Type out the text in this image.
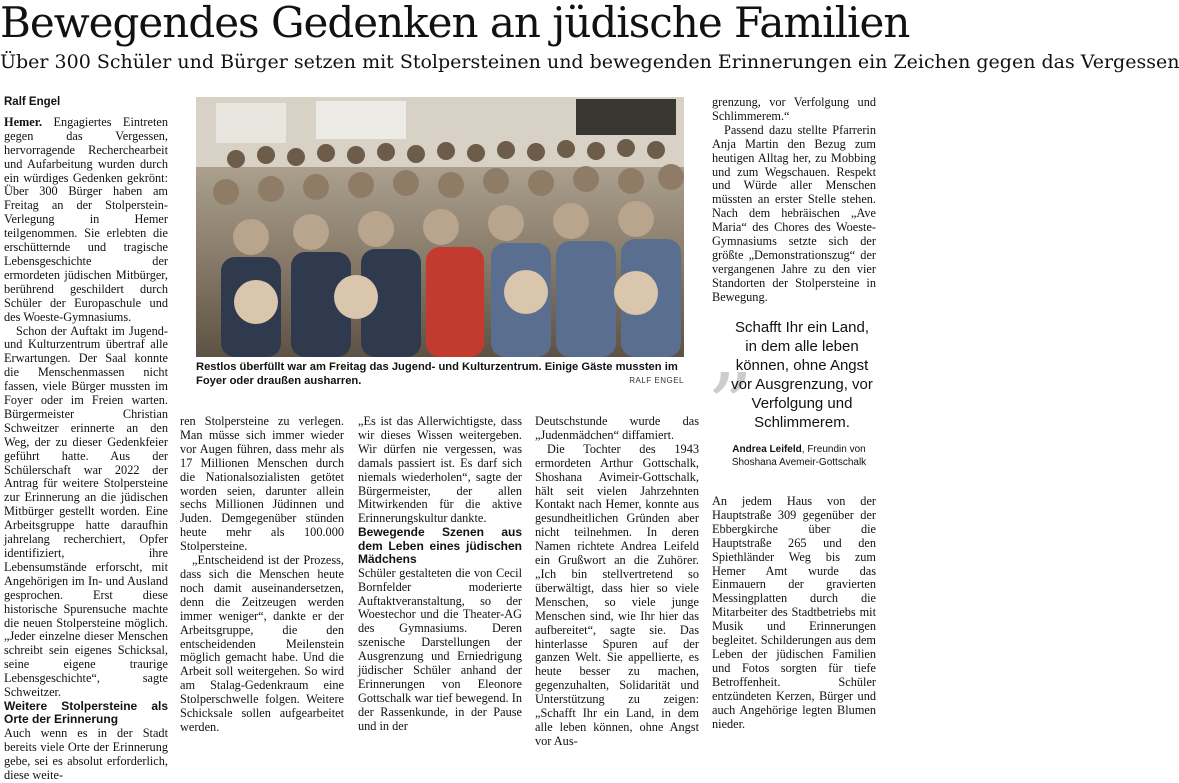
Bewegendes Gedenken an jüdische Familien
Über 300 Schüler und Bürger setzen mit Stolpersteinen und bewegenden Erinnerungen ein Zeichen gegen das Vergessen
Ralf Engel

Hemer. Engagiertes Eintreten gegen das Vergessen, hervorragende Recherchearbeit und Aufarbeitung wurden durch ein würdiges Gedenken gekrönt: Über 300 Bürger haben am Freitag an der Stolperstein-Verlegung in Hemer teilgenommen. Sie erlebten die erschütternde und tragische Lebensgeschichte der ermordeten jüdischen Mitbürger, berührend geschildert durch Schüler der Europaschule und des Woeste-Gymnasiums.

Schon der Auftakt im Jugend- und Kulturzentrum übertraf alle Erwartungen. Der Saal konnte die Menschenmassen nicht fassen, viele Bürger mussten im Foyer oder im Freien warten. Bürgermeister Christian Schweitzer erinnerte an den Weg, der zu dieser Gedenkfeier geführt hatte. Aus der Schülerschaft war 2022 der Antrag für weitere Stolpersteine zur Erinnerung an die jüdischen Mitbürger gestellt worden. Eine Arbeitsgruppe hatte daraufhin jahrelang recherchiert, Opfer identifiziert, ihre Lebensumstände erforscht, mit Angehörigen im In- und Ausland gesprochen. Erst diese historische Spurensuche machte die neuen Stolpersteine möglich. „Jeder einzelne dieser Menschen schreibt sein eigenes Schicksal, seine eigene traurige Lebensgeschichte“, sagte Schweitzer.

Weitere Stolpersteine als Orte der Erinnerung

Auch wenn es in der Stadt bereits viele Orte der Erinnerung gebe, sei es absolut erforderlich, diese weite-

Restlos überfüllt war am Freitag das Jugend- und Kulturzentrum. Einige Gäste mussten im Foyer oder draußen ausharren.	RALF ENGEL

ren Stolpersteine zu verlegen. Man müsse sich immer wieder vor Augen führen, dass mehr als 17 Millionen Menschen durch die Nationalsozialisten getötet worden seien, darunter allein sechs Millionen Jüdinnen und Juden. Demgegenüber stünden heute mehr als 100.000 Stolpersteine.

„Entscheidend ist der Prozess, dass sich die Menschen heute noch damit auseinandersetzen, denn die Zeitzeugen werden immer weniger“, dankte er der Arbeitsgruppe, die den entscheidenden Meilenstein möglich gemacht habe. Und die Arbeit soll weitergehen. So wird am Stalag-Gedenkraum eine Stolperschwelle folgen. Weitere Schicksale sollen aufgearbeitet werden.

„Es ist das Allerwichtigste, dass wir dieses Wissen weitergeben. Wir dürfen nie vergessen, was damals passiert ist. Es darf sich niemals wiederholen“, sagte der Bürgermeister, der allen Mitwirkenden für die aktive Erinnerungskultur dankte.

Bewegende Szenen aus dem Leben eines jüdischen Mädchens

Schüler gestalteten die von Cecil Bornfelder moderierte Auftaktveranstaltung, so der Woestechor und die Theater-AG des Gymnasiums. Deren szenische Darstellungen der Ausgrenzung und Erniedrigung jüdischer Schüler anhand der Erinnerungen von Eleonore Gottschalk war tief bewegend. In der Rassenkunde, in der Pause und in der

Deutschstunde wurde das „Judenmädchen“ diffamiert.

Die Tochter des 1943 ermordeten Arthur Gottschalk, Shoshana Avimeir-Gottschalk, hält seit vielen Jahrzehnten Kontakt nach Hemer, konnte aus gesundheitlichen Gründen aber nicht teilnehmen. In deren Namen richtete Andrea Leifeld ein Grußwort an die Zuhörer. „Ich bin stellvertretend so überwältigt, dass hier so viele Menschen, so viele junge Menschen sind, wie Ihr hier das aufbereitet“, sagte sie. Das hinterlasse Spuren auf der ganzen Welt. Sie appellierte, es heute besser zu machen, gegenzuhalten, Solidarität und Unterstützung zu zeigen: „Schafft Ihr ein Land, in dem alle leben können, ohne Angst vor Aus-

grenzung, vor Verfolgung und Schlimmerem.“

Passend dazu stellte Pfarrerin Anja Martin den Bezug zum heutigen Alltag her, zu Mobbing und zum Wegschauen. Respekt und Würde aller Menschen müssten an erster Stelle stehen. Nach dem hebräischen „Ave Maria“ des Chores des Woeste-Gymnasiums setzte sich der größte „Demonstrationszug“ der vergangenen Jahre zu den vier Standorten der Stolpersteine in Bewegung.

„
Schafft Ihr ein Land, in dem alle leben können, ohne Angst vor Ausgrenzung, vor Verfolgung und Schlimmerem.
Andrea Leifeld, Freundin von Shoshana Avemeir-Gottschalk

An jedem Haus von der Hauptstraße 309 gegenüber der Ebbergkirche über die Hauptstraße 265 und den Spiethländer Weg bis zum Hemer Amt wurde das Einmauern der gravierten Messingplatten durch die Mitarbeiter des Stadtbetriebs mit Musik und Erinnerungen begleitet. Schilderungen aus dem Leben der jüdischen Familien und Fotos sorgten für tiefe Betroffenheit. Schüler entzündeten Kerzen, Bürger und auch Angehörige legten Blumen nieder.
